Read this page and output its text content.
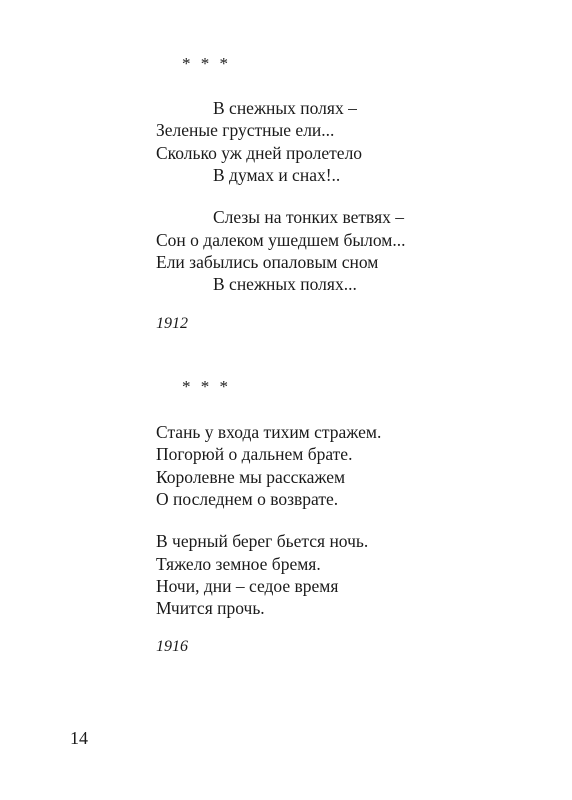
* * *
В снежных полях –
Зеленые грустные ели...
Сколько уж дней пролетело
В думах и снах!..
Слезы на тонких ветвях –
Сон о далеком ушедшем былом...
Ели забылись опаловым сном
В снежных полях...
1912
* * *
Стань у входа тихим стражем.
Погорюй о дальнем брате.
Королевне мы расскажем
О последнем о возврате.
В черный берег бьется ночь.
Тяжело земное бремя.
Ночи, дни – седое время
Мчится прочь.
1916
14
